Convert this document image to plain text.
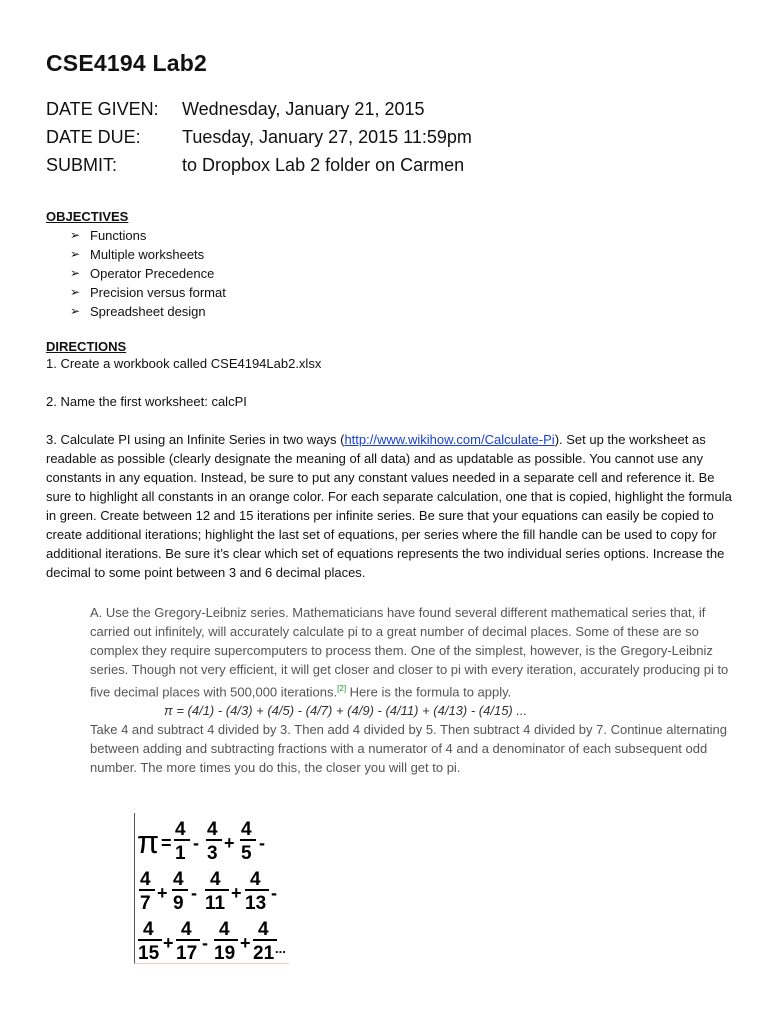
CSE4194 Lab2
DATE GIVEN:	Wednesday, January 21, 2015
DATE DUE:	Tuesday, January 27, 2015 11:59pm
SUBMIT:	to Dropbox Lab 2 folder on Carmen
OBJECTIVES
➢ Functions
➢ Multiple worksheets
➢ Operator Precedence
➢ Precision versus format
➢ Spreadsheet design
DIRECTIONS

1. Create a workbook called CSE4194Lab2.xlsx

2. Name the first worksheet: calcPI

3. Calculate PI using an Infinite Series in two ways (http://www.wikihow.com/Calculate-Pi). Set up the worksheet as readable as possible (clearly designate the meaning of all data) and as updatable as possible. You cannot use any constants in any equation. Instead, be sure to put any constant values needed in a separate cell and reference it. Be sure to highlight all constants in an orange color. For each separate calculation, one that is copied, highlight the formula in green. Create between 12 and 15 iterations per infinite series. Be sure that your equations can easily be copied to create additional iterations; highlight the last set of equations, per series where the fill handle can be used to copy for additional iterations. Be sure it’s clear which set of equations represents the two individual series options. Increase the decimal to some point between 3 and 6 decimal places.

A. Use the Gregory-Leibniz series. Mathematicians have found several different mathematical series that, if carried out infinitely, will accurately calculate pi to a great number of decimal places. Some of these are so complex they require supercomputers to process them. One of the simplest, however, is the Gregory-Leibniz series. Though not very efficient, it will get closer and closer to pi with every iteration, accurately producing pi to five decimal places with 500,000 iterations.[2] Here is the formula to apply.
π = (4/1) - (4/3) + (4/5) - (4/7) + (4/9) - (4/11) + (4/13) - (4/15) ...
Take 4 and subtract 4 divided by 3. Then add 4 divided by 5. Then subtract 4 divided by 7. Continue alternating between adding and subtracting fractions with a numerator of 4 and a denominator of each subsequent odd number. The more times you do this, the closer you will get to pi.
π =
4
1 -
4
3 +
4
5 -
4
7 +
4
9 -
4
11 +
4
13 -
4
15 +
4
17 -
4
19 +
4
21 ...
